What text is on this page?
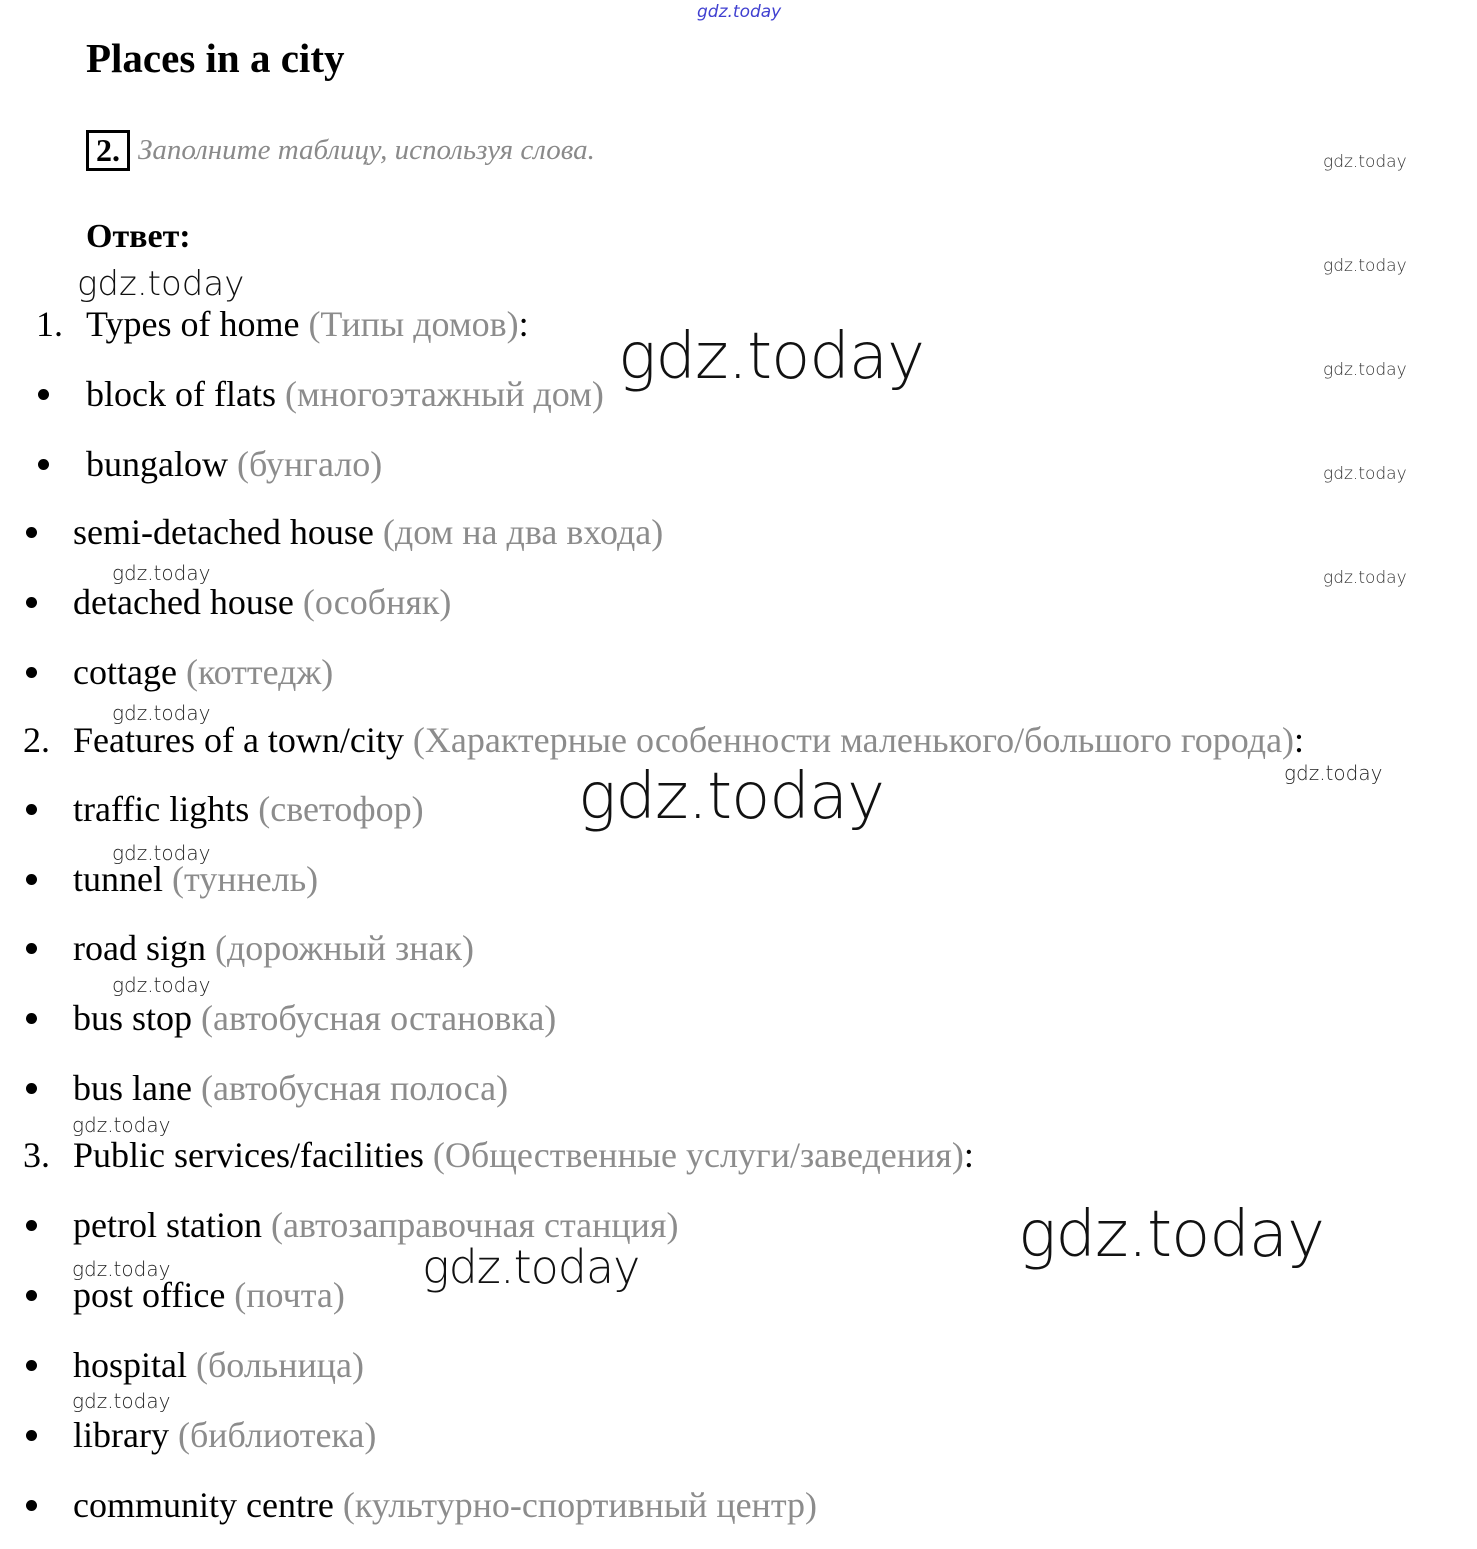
Places in a city
2. Заполните таблицу, используя слова.
Ответ:
1. Types of home (Типы домов):
block of flats (многоэтажный дом)
bungalow (бунгало)
semi-detached house (дом на два входа)
detached house (особняк)
cottage (коттедж)
2. Features of a town/city (Характерные особенности маленького/большого города):
traffic lights (светофор)
tunnel (туннель)
road sign (дорожный знак)
bus stop (автобусная остановка)
bus lane (автобусная полоса)
3. Public services/facilities (Общественные услуги/заведения):
petrol station (автозаправочная станция)
post office (почта)
hospital (больница)
library (библиотека)
community centre (культурно-спортивный центр)
gdz.today
gdz.today
gdz.today
gdz.today
gdz.today
gdz.today
gdz.today
gdz.today
gdz.today
gdz.today
gdz.today
gdz.today
gdz.today
gdz.today
gdz.today
gdz.today
gdz.today	gdz.today
gdz.today
